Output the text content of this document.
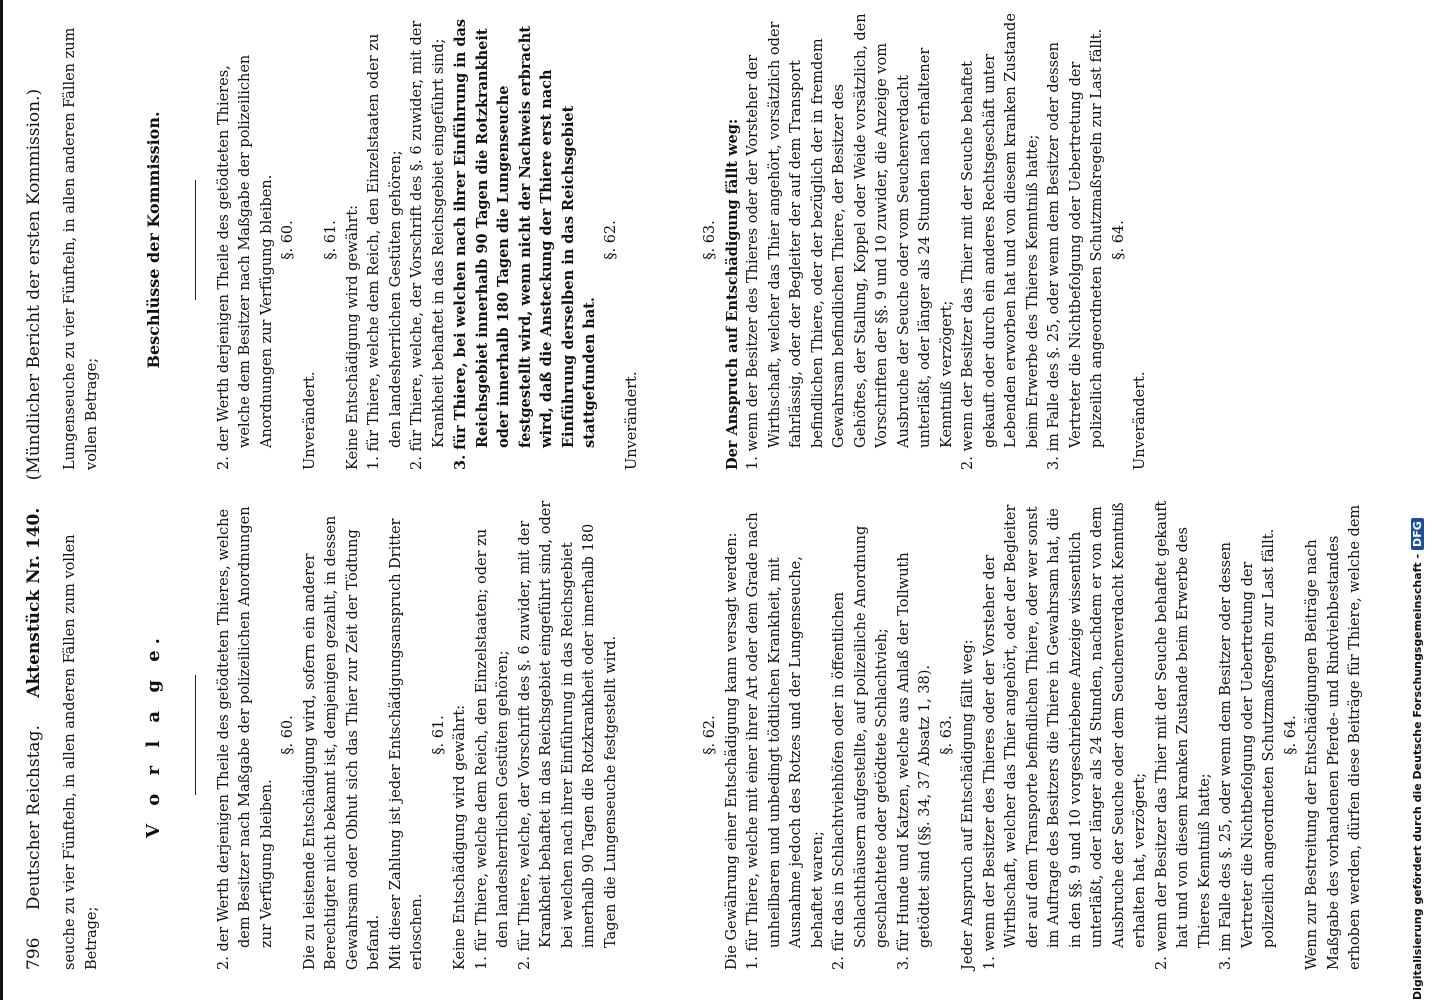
796 Deutscher Reichstag. Aktenstück Nr. 140. (Mündlicher Bericht der ersten Kommission.)

seuche zu vier Fünfteln, in allen anderen Fällen zum vollen Betrage;

V o r l a g e.	2. der Werth derjenigen Theile des getödteten Thieres, welche dem Besitzer nach Maßgabe der polizeilichen Anordnungen zur Verfügung bleiben.

§. 60. Die zu leistende Entschädigung wird, sofern ein anderer Berechtigter nicht bekannt ist, demjenigen gezahlt, in dessen Gewahrsam oder Obhut sich das Thier zur Zeit der Tödtung befand. Mit dieser Zahlung ist jeder Entschädigungsanspruch Dritter erloschen.

§. 61. Keine Entschädigung wird gewährt: 1. für Thiere, welche dem Reich, den Einzelstaaten; oder zu den landesherrlichen Gestüten gehören; 2. für Thiere, welche, der Vorschrift des §. 6 zuwider, mit der Krankheit behaftet in das Reichsgebiet eingeführt sind, oder bei welchen nach ihrer Einführung in das Reichsgebiet innerhalb 90 Tagen die Rotzkrankheit oder innerhalb 180 Tagen die Lungenseuche festgestellt wird.

Lungenseuche zu vier Fünfteln, in allen anderen Fällen zum vollen Betrage;

Beschlüsse der Kommission.	2. der Werth derjenigen Theile des getödteten Thieres, welche dem Besitzer nach Maßgabe der polizeilichen Anordnungen zur Verfügung bleiben. §. 60.

Unverändert.

§. 61. Keine Entschädigung wird gewährt: 1. für Thiere, welche dem Reich, den Einzelstaaten oder zu den landesherrlichen Gestüten gehören; 2. für Thiere, welche, der Vorschrift des §. 6 zuwider, mit der Krankheit behaftet in das Reichsgebiet eingeführt sind; 3. für Thiere, bei welchen nach ihrer Einführung in das Reichsgebiet innerhalb 90 Tagen die Rotzkrankheit oder innerhalb 180 Tagen die Lungenseuche festgestellt wird, wenn nicht der Nachweis erbracht wird, daß die Ansteckung der Thiere erst nach Einführung derselben in das Reichsgebiet stattgefunden hat.

§. 62.

Unverändert.

§. 62. Die Gewährung einer Entschädigung kann versagt werden: 1. für Thiere, welche mit einer ihrer Art oder dem Grade nach unheilbaren und unbedingt tödtlichen Krankheit, mit Ausnahme jedoch des Rotzes und der Lungenseuche, behaftet waren; 2. für das in Schlachtviehhöfen oder in öffentlichen Schlachthäusern aufgestellte, auf polizeiliche Anordnung geschlachtete oder getödtete Schlachtvieh; 3. für Hunde und Katzen, welche aus Anlaß der Tollwuth getödtet sind (§§. 34, 37 Absatz 1, 38). §. 63. Jeder Anspruch auf Entschädigung fällt weg: 1. wenn der Besitzer des Thieres oder der Vorsteher der Wirthschaft, welcher das Thier angehört, oder der Begleiter der auf dem Transporte befindlichen Thiere, oder wer sonst im Auftrage des Besitzers die Thiere in Gewahrsam hat, die in den §§. 9 und 10 vorgeschriebene Anzeige wissentlich unterläßt, oder länger als 24 Stunden, nachdem er von dem Ausbruche der Seuche oder dem Seuchenverdacht Kenntniß erhalten hat, verzögert; 2. wenn der Besitzer das Thier mit der Seuche behaftet gekauft hat und von diesem kranken Zustande beim Erwerbe des Thieres Kenntniß hatte; 3. im Falle des §. 25, oder wenn dem Besitzer oder dessen Vertreter die Nichtbefolgung oder Uebertretung der polizeilich angeordneten Schutzmaßregeln zur Last fällt. §. 64. Wenn zur Bestreitung der Entschädigungen Beiträge nach Maßgabe des vorhandenen Pferde- und Rindviehbestandes erhoben werden, dürfen diese Beiträge für Thiere, welche dem

§. 63. Der Anspruch auf Entschädigung fällt weg: 1. wenn der Besitzer des Thieres oder der Vorsteher der Wirthschaft, welcher das Thier angehört, vorsätzlich oder fahrlässig, oder der Begleiter der auf dem Transport befindlichen Thiere, oder der bezüglich der in fremdem Gewahrsam befindlichen Thiere, der Besitzer des Gehöftes, der Stallung, Koppel oder Weide vorsätzlich, den Vorschriften der §§. 9 und 10 zuwider, die Anzeige vom Ausbruche der Seuche oder vom Seuchenverdacht unterläßt, oder länger als 24 Stunden nach erhaltener Kenntniß verzögert; 2. wenn der Besitzer das Thier mit der Seuche behaftet gekauft oder durch ein anderes Rechtsgeschäft unter Lebenden erworben hat und von diesem kranken Zustande beim Erwerbe des Thieres Kenntniß hatte; 3. im Falle des §. 25, oder wenn dem Besitzer oder dessen Vertreter die Nichtbefolgung oder Uebertretung der polizeilich angeordneten Schutzmaßregeln zur Last fällt. §. 64.

Unverändert.

Digitalisierung gefördert durch die Deutsche Forschungsgemeinschaft -DFG
